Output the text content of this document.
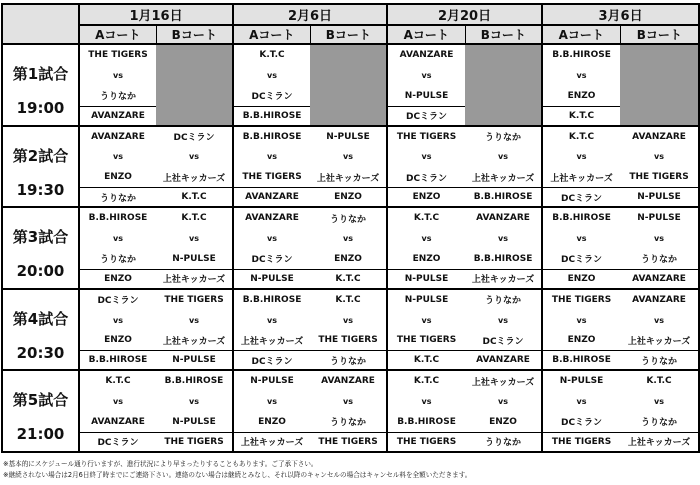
	1月16日		2月6日		2月20日		3月6日	
	Aコート	Bコート	Aコート	Bコート	Aコート	Bコート	Aコート	Bコート

第1試合
19:00	THE TIGERS		K.T.C		AVANZARE		B.B.HIROSE	
	vs		vs		vs		vs	
	うりなか		DCミラン		N-PULSE		ENZO	
	AVANZARE		B.B.HIROSE		DCミラン		K.T.C	

第2試合
19:30	AVANZARE	DCミラン	B.B.HIROSE	N-PULSE	THE TIGERS	うりなか	K.T.C	AVANZARE
	vs	vs	vs	vs	vs	vs	vs	vs
	ENZO	上社キッカーズ	THE TIGERS	上社キッカーズ	DCミラン	上社キッカーズ	上社キッカーズ	THE TIGERS
	うりなか	K.T.C	AVANZARE	ENZO	ENZO	B.B.HIROSE	DCミラン	N-PULSE

第3試合
20:00	B.B.HIROSE	K.T.C	AVANZARE	うりなか	K.T.C	AVANZARE	B.B.HIROSE	N-PULSE
	vs	vs	vs	vs	vs	vs	vs	vs
	うりなか	N-PULSE	DCミラン	ENZO	ENZO	B.B.HIROSE	DCミラン	うりなか
	ENZO	上社キッカーズ	N-PULSE	K.T.C	N-PULSE	上社キッカーズ	ENZO	AVANZARE

第4試合
20:30	DCミラン	THE TIGERS	B.B.HIROSE	K.T.C	N-PULSE	うりなか	THE TIGERS	AVANZARE
	vs	vs	vs	vs	vs	vs	vs	vs
	ENZO	上社キッカーズ	上社キッカーズ	THE TIGERS	THE TIGERS	DCミラン	ENZO	上社キッカーズ
	B.B.HIROSE	N-PULSE	DCミラン	うりなか	K.T.C	AVANZARE	B.B.HIROSE	うりなか

第5試合
21:00	K.T.C	B.B.HIROSE	N-PULSE	AVANZARE	K.T.C	上社キッカーズ	N-PULSE	K.T.C
	vs	vs	vs	vs	vs	vs	vs	vs
	AVANZARE	N-PULSE	ENZO	うりなか	B.B.HIROSE	ENZO	DCミラン	うりなか
	DCミラン	THE TIGERS	上社キッカーズ	THE TIGERS	THE TIGERS	うりなか	THE TIGERS	上社キッカーズ
※基本的にスケジュール通り行いますが、進行状況により早まったりすることもあります。ご了承下さい。
※継続されない場合は2月6日終了時までにご連絡下さい。連絡のない場合は継続とみなし、それ以降のキャンセルの場合はキャンセル料を全額いただきます。
